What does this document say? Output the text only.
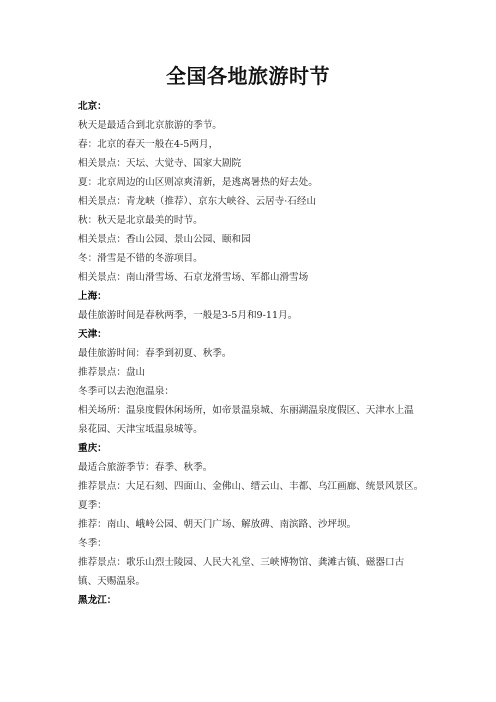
全国各地旅游时节
北京：
秋天是最适合到北京旅游的季节。
春：北京的春天一般在4-5两月，
相关景点：天坛、大觉寺、国家大剧院
夏：北京周边的山区则凉爽清新，是逃离暑热的好去处。
相关景点：青龙峡（推荐）、京东大峡谷、云居寺·石经山
秋：秋天是北京最美的时节。
相关景点：香山公园、景山公园、颐和园
冬：滑雪是不错的冬游项目。
相关景点：南山滑雪场、石京龙滑雪场、军都山滑雪场
上海：
最佳旅游时间是春秋两季，一般是3-5月和9-11月。
天津：
最佳旅游时间：春季到初夏、秋季。
推荐景点：盘山
冬季可以去泡泡温泉：
相关场所：温泉度假休闲场所，如帝景温泉城、东丽湖温泉度假区、天津水上温泉花园、天津宝坻温泉城等。
重庆：
最适合旅游季节：春季、秋季。
推荐景点：大足石刻、四面山、金佛山、缙云山、丰都、乌江画廊、统景风景区。
夏季：
推荐：南山、峨岭公园、朝天门广场、解放碑、南滨路、沙坪坝。
冬季：
推荐景点：歌乐山烈士陵园、人民大礼堂、三峡博物馆、龚滩古镇、磁器口古镇、天赐温泉。
黑龙江：
